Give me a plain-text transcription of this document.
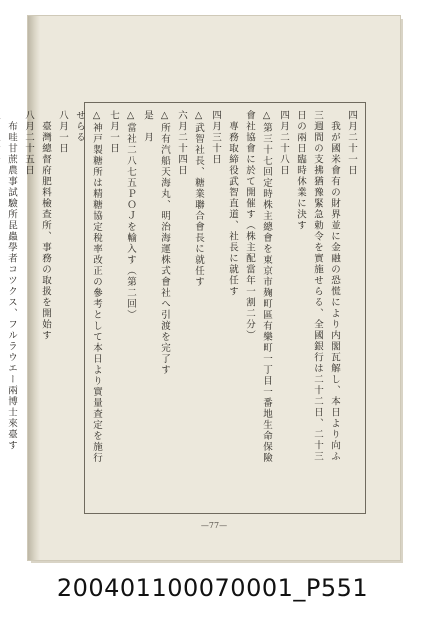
四月二十一日
　我が國米會有の財界並に金融の恐慌により内閣瓦解し、本日より向ふ
三週間の支拂猶豫緊急勅令を實施せらる、全國銀行は二十二日、二十三
日の兩日臨時休業に決す
四月二十八日
△第三十七回定時株主總會を東京市麹町區有樂町一丁目一番地生命保險
會社協會に於て開催す（株主配當年一割二分）
　專務取締役武智直道、社長に就任す
四月三十日
△武智社長、糖業聯合會長に就任す
六月二十四日
△所有汽船天海丸、明治海運株式會社へ引渡を完了す
是　月
△當社二八七五ＰＯＪを輸入す（第二回）
七月一日
△神戸製糖所は精糖協定稅率改正の參考として本日より實量査定を施行
せらる
八月一日
　臺灣總督府肥料檢查所、事務の取扱を開始す
八月二十五日
　布哇甘蔗農事試驗所昆蟲學者コツクス、フルラウエー兩博士來臺す
—77—
200401100070001_P551
